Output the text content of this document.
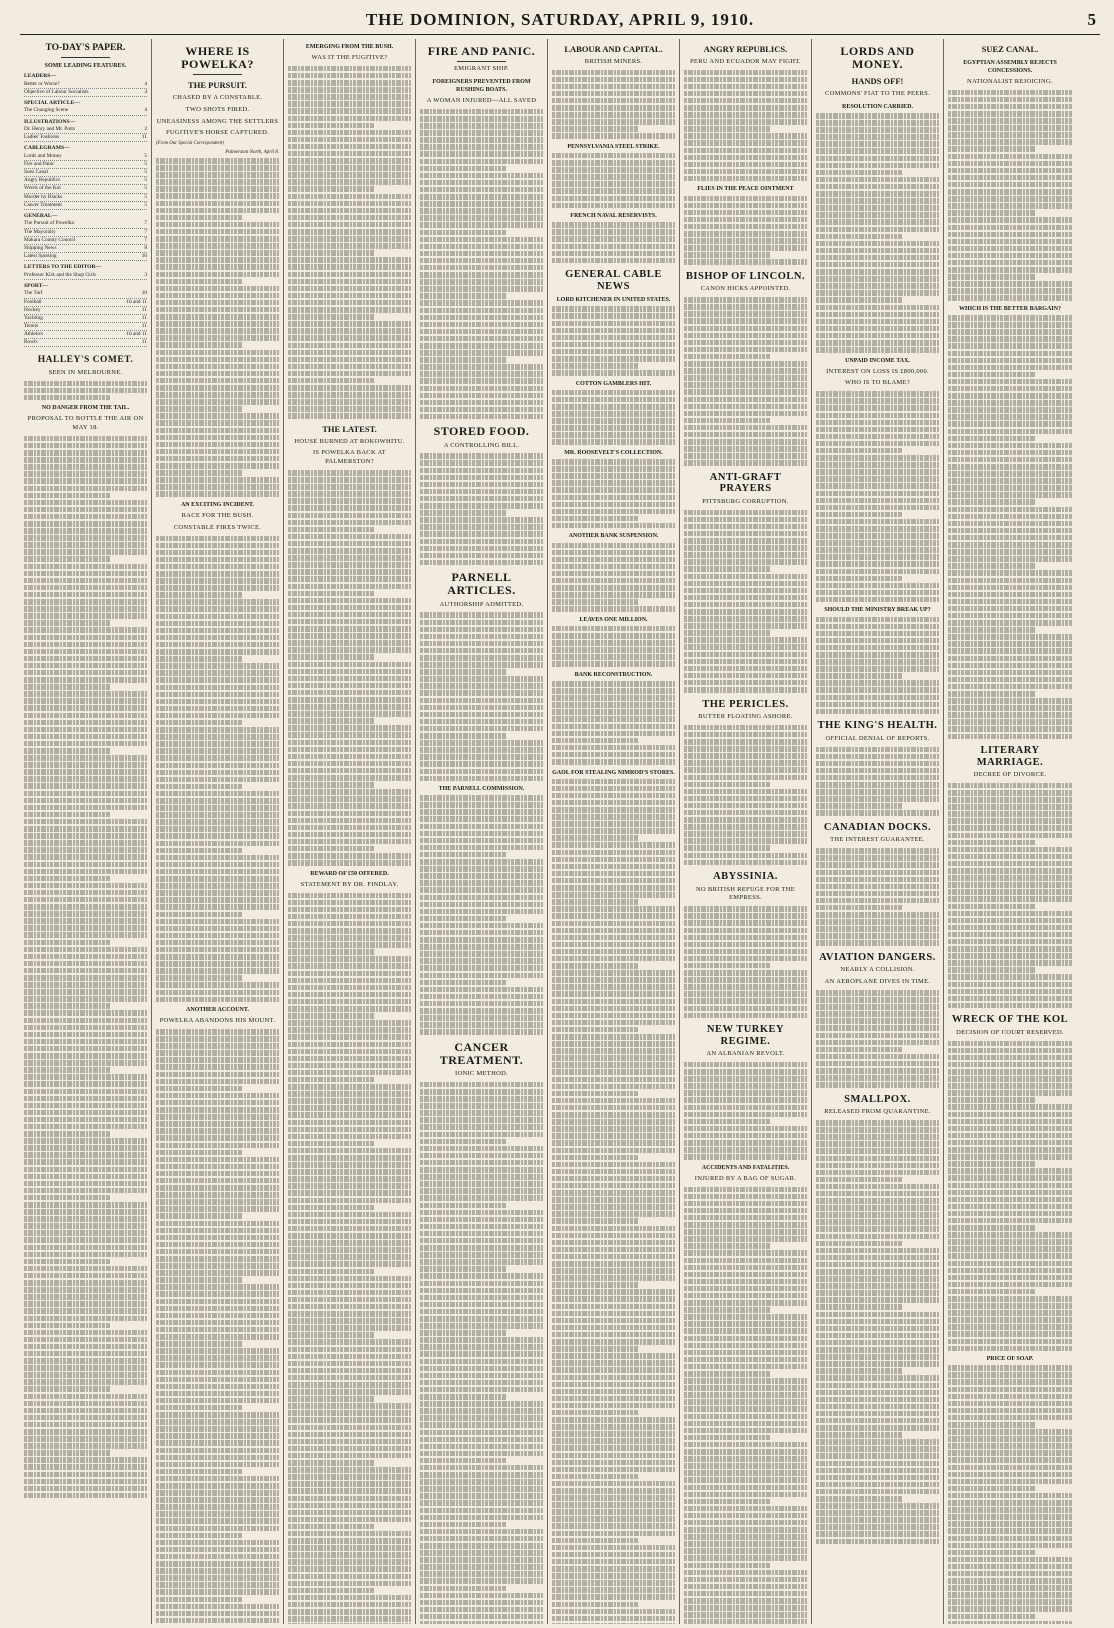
THE DOMINION, SATURDAY, APRIL 9, 1910.	5
TO-DAY'S PAPER.
SOME LEADING FEATURES.
LEADERS—
Better or Worse?	4
Objective of Labour Socialists	4
SPECIAL ARTICLE—
The Changing Scene	4
ILLUSTRATIONS—
Dr. Henry and Mr. Potts	2
Ladies' Fashions	11
CABLEGRAMS—
Lords and Money	5
Fire and Panic	5
Suez Canal	5
Angry Republics	5
Wreck of the Kol	5
Murder by Blacks	5
Cancer Treatment	5
GENERAL—
The Pursuit of Powelka	7
The Mayoralty	7
Makara County Council	7
Shipping News	8
Latest Sporting	10
LETTERS TO THE EDITOR—
Professor Kirk and the Shop Girls	3
SPORT—
The Turf	10
Football	10 and 11
Hockey	11
Yachting	11
Tennis	11
Athletics	10 and 11
Bowls	11
HALLEY'S COMET.
SEEN IN MELBOURNE.
NO DANGER FROM THE TAIL.
PROPOSAL TO BOTTLE THE AIR ON MAY 18.
WHERE IS POWELKA?
THE PURSUIT.
CHASED BY A CONSTABLE.
TWO SHOTS FIRED.
UNEASINESS AMONG THE SETTLERS
FUGITIVE'S HORSE CAPTURED.
(From Our Special Correspondent)
Palmerston North, April 8.
AN EXCITING INCIDENT.
RACE FOR THE BUSH.
CONSTABLE FIRES TWICE.
ANOTHER ACCOUNT.
POWELKA ABANDONS HIS MOUNT.
EMERGING FROM THE BUSH.
WAS IT THE FUGITIVE?
THE LATEST.
HOUSE BURNED AT ROKOWHITU.
IS POWELKA BACK AT PALMERSTON?
REWARD OF £50 OFFERED.
STATEMENT BY DR. FINDLAY.
FIRE AND PANIC.
EMIGRANT SHIP.
FOREIGNERS PREVENTED FROM RUSHING BOATS.
A WOMAN INJURED—ALL SAVED
STORED FOOD.
A CONTROLLING BILL.
PARNELL ARTICLES.
AUTHORSHIP ADMITTED.
THE PARNELL COMMISSION.
CANCER TREATMENT.
IONIC METHOD.
LABOUR AND CAPITAL.
BRITISH MINERS.
PENNSYLVANIA STEEL STRIKE.
FRENCH NAVAL RESERVISTS.
GENERAL CABLE NEWS
LORD KITCHENER IN UNITED STATES.
COTTON GAMBLERS HIT.
MR. ROOSEVELT'S COLLECTION.
ANOTHER BANK SUSPENSION.
LEAVES ONE MILLION.
BANK RECONSTRUCTION.
GAOL FOR STEALING NIMROD'S STORES.
ANGRY REPUBLICS.
PERU AND ECUADOR MAY FIGHT.
FLIES IN THE PEACE OINTMENT
BISHOP OF LINCOLN.
CANON HICKS APPOINTED.
ANTI-GRAFT PRAYERS
PITTSBURG CORRUPTION.
THE PERICLES.
BUTTER FLOATING ASHORE.
ABYSSINIA.
NO BRITISH REFUGE FOR THE EMPRESS.
NEW TURKEY REGIME.
AN ALBANIAN REVOLT.
ACCIDENTS AND FATALITIES.
INJURED BY A BAG OF SUGAR.
LORDS AND MONEY.
HANDS OFF!
COMMONS' FIAT TO THE PEERS.
RESOLUTION CARRIED.
UNPAID INCOME TAX.
INTEREST ON LOSS IS £800,000.
WHO IS TO BLAME?
SHOULD THE MINISTRY BREAK UP?
THE KING'S HEALTH.
OFFICIAL DENIAL OF REPORTS.
CANADIAN DOCKS.
THE INTEREST GUARANTEE.
AVIATION DANGERS.
NEARLY A COLLISION.
AN AEROPLANE DIVES IN TIME.
SMALLPOX.
RELEASED FROM QUARANTINE.
SUEZ CANAL.
EGYPTIAN ASSEMBLY REJECTS CONCESSIONS.
NATIONALIST REJOICING.
WHICH IS THE BETTER BARGAIN?
LITERARY MARRIAGE.
DECREE OF DIVORCE.
WRECK OF THE KOL
DECISION OF COURT RESERVED.
PRICE OF SOAP.
